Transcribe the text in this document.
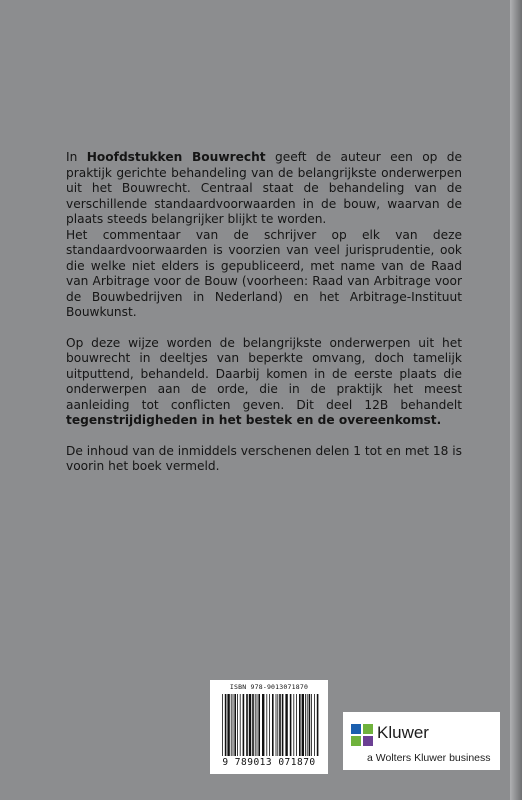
In Hoofdstukken Bouwrecht geeft de auteur een op de praktijk gerichte behandeling van de belangrijkste onderwerpen uit het Bouwrecht. Centraal staat de behandeling van de verschillende standaardvoorwaarden in de bouw, waarvan de plaats steeds belangrijker blijkt te worden.

Het commentaar van de schrijver op elk van deze standaardvoorwaarden is voorzien van veel jurisprudentie, ook die welke niet elders is gepubliceerd, met name van de Raad van Arbitrage voor de Bouw (voorheen: Raad van Arbitrage voor de Bouwbedrijven in Nederland) en het Arbitrage-Instituut Bouwkunst.

Op deze wijze worden de belangrijkste onderwerpen uit het bouwrecht in deeltjes van beperkte omvang, doch tamelijk uitputtend, behandeld. Daarbij komen in de eerste plaats die onderwerpen aan de orde, die in de praktijk het meest aanleiding tot conflicten geven. Dit deel 12B behandelt tegenstrijdigheden in het bestek en de overeenkomst.

De inhoud van de inmiddels verschenen delen 1 tot en met 18 is voorin het boek vermeld.

ISBN 978-9013071870
9 789013 071870
Kluwer
a Wolters Kluwer business
